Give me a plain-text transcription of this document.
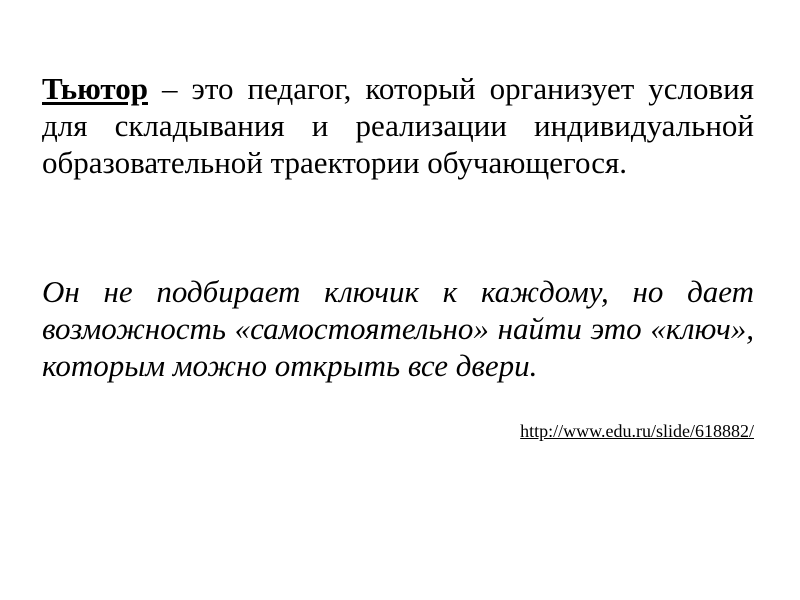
Тьютор – это педагог, который организует условия для складывания и реализации индивидуальной образовательной траектории обучающегося.

Он не подбирает ключик к каждому, но дает возможность «самостоятельно» найти это «ключ», которым можно открыть все двери.

http://www.edu.ru/slide/618882/
